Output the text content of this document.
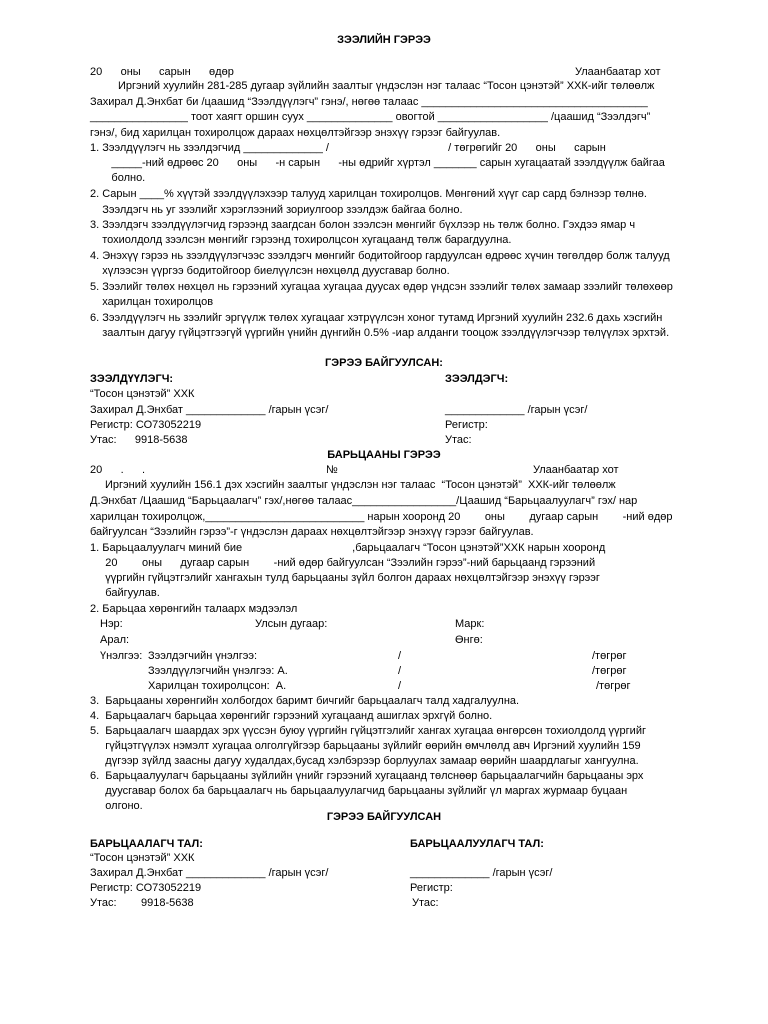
ЗЭЭЛИЙН ГЭРЭЭ
20      оны      сарын      өдөр	Улаанбаатар хот
Иргэний хуулийн 281-285 дугаар зүйлийн заалтыг үндэслэн нэг талаас “Тосон цэнэтэй” ХХК-ийг төлөөлж
Захирал Д.Энхбат би /цаашид “Зээлдүүлэгч” гэнэ/, нөгөө талаас _____________________________________
________________ тоот хаягт оршин суух ______________ овогтой __________________ /цаашид “Зээлдэгч”
гэнэ/, бид харилцан тохиролцож дараах нөхцөлтэйгээр энэхүү гэрээг байгуулав.
1. Зээлдүүлэгч нь зээлдэгчид _____________ /                                       / төгрөгийг 20      оны      сарын
_____-ний өдрөөс 20      оны      -н сарын      -ны өдрийг хүртэл _______ сарын хугацаатай зээлдүүлж байгаа
болно.
2. Сарын ____% хүүтэй зээлдүүлэхээр талууд харилцан тохиролцов. Мөнгөний хүүг сар сард бэлнээр төлнө.
Зээлдэгч нь уг зээлийг хэрэглээний зориулгоор зээлдэж байгаа болно.
3. Зээлдэгч зээлдүүлэгчид гэрээнд заагдсан болон зээлсэн мөнгийг бүхлээр нь төлж болно. Гэхдээ ямар ч
тохиолдолд зээлсэн мөнгийг гэрээнд тохиролцсон хугацаанд төлж барагдуулна.
4. Энэхүү гэрээ нь зээлдүүлэгчээс зээлдэгч мөнгийг бодитойгоор гардуулсан өдрөөс хүчин төгөлдөр болж талууд
хүлээсэн үүргээ бодитойгоор биелүүлсэн нөхцөлд дуусгавар болно.
5. Зээлийг төлөх нөхцөл нь гэрээний хугацаа хугацаа дуусах өдөр үндсэн зээлийг төлөх замаар зээлийг төлөхөөр
харилцан тохиролцов
6. Зээлдүүлэгч нь зээлийг эргүүлж төлөх хугацааг хэтрүүлсэн хоног тутамд Иргэний хуулийн 232.6 дахь хэсгийн
заалтын дагуу гүйцэтгээгүй үүргийн үнийн дүнгийн 0.5% -иар алданги тооцож зээлдүүлэгчээр төлүүлэх эрхтэй.
ГЭРЭЭ БАЙГУУЛСАН:
ЗЭЭЛДҮҮЛЭГЧ:	ЗЭЭЛДЭГЧ:
“Тосон цэнэтэй” ХХК
Захирал Д.Энхбат _____________ /гарын үсэг/	_____________ /гарын үсэг/
Регистр: СО73052219	Регистр:
Утас:      9918-5638	Утас:
БАРЬЦААНЫ ГЭРЭЭ
20      .      .	№	Улаанбаатар хот
Иргэний хуулийн 156.1 дэх хэсгийн заалтыг үндэслэн нэг талаас  “Тосон цэнэтэй”  ХХК-ийг төлөөлж
Д.Энхбат /Цаашид “Барьцаалагч” гэх/,нөгөө талаас_________________/Цаашид “Барьцаалуулагч” гэх/ нар
харилцан тохиролцож,__________________________ нарын хооронд 20        оны        дугаар сарын        -ний өдөр
байгуулсан “Зээлийн гэрээ”-г үндэслэн дараах нөхцөлтэйгээр энэхүү гэрээг байгуулав.
1. Барьцаалуулагч миний бие                                    ,барьцаалагч “Тосон цэнэтэй”ХХК нарын хооронд
20        оны      дугаар сарын        -ний өдөр байгуулсан “Зээлийн гэрээ”-ний барьцаанд гэрээний
үүргийн гүйцэтгэлийг хангахын тулд барьцааны зүйл болгон дараах нөхцөлтэйгээр энэхүү гэрээг
байгуулав.
2. Барьцаа хөрөнгийн талаарх мэдээлэл
Нэр:	Улсын дугаар:	Марк:
Арал:	Өнгө:
Үнэлгээ: Зээлдэгчийн үнэлгээ:	/	/төгрөг
Зээлдүүлэгчийн үнэлгээ: А.	/	/төгрөг
Харилцан тохиролцсон:  А.	/	/төгрөг
3.  Барьцааны хөрөнгийн холбогдох баримт бичгийг барьцаалагч талд хадгалуулна.
4.  Барьцаалагч барьцаа хөрөнгийг гэрээний хугацаанд ашиглах эрхгүй болно.
5.  Барьцаалагч шаардах эрх үүссэн буюу үүргийн гүйцэтгэлийг хангах хугацаа өнгөрсөн тохиолдолд үүргийг
гүйцэтгүүлэх нэмэлт хугацаа олголгүйгээр барьцааны зүйлийг өөрийн өмчлөлд авч Иргэний хуулийн 159
дүгээр зүйлд заасны дагуу худалдах,бусад хэлбэрээр борлуулах замаар өөрийн шаардлагыг хангуулна.
6.  Барьцаалуулагч барьцааны зүйлийн үнийг гэрээний хугацаанд төлснөөр барьцаалагчийн барьцааны эрх
дуусгавар болох ба барьцаалагч нь барьцаалуулагчид барьцааны зүйлийг үл маргах журмаар буцаан
олгоно.
ГЭРЭЭ БАЙГУУЛСАН
БАРЬЦААЛАГЧ ТАЛ:	БАРЬЦААЛУУЛАГЧ ТАЛ:
“Тосон цэнэтэй” ХХК
Захирал Д.Энхбат _____________ /гарын үсэг/	_____________ /гарын үсэг/
Регистр: СО73052219	Регистр:
Утас:        9918-5638	Утас:
